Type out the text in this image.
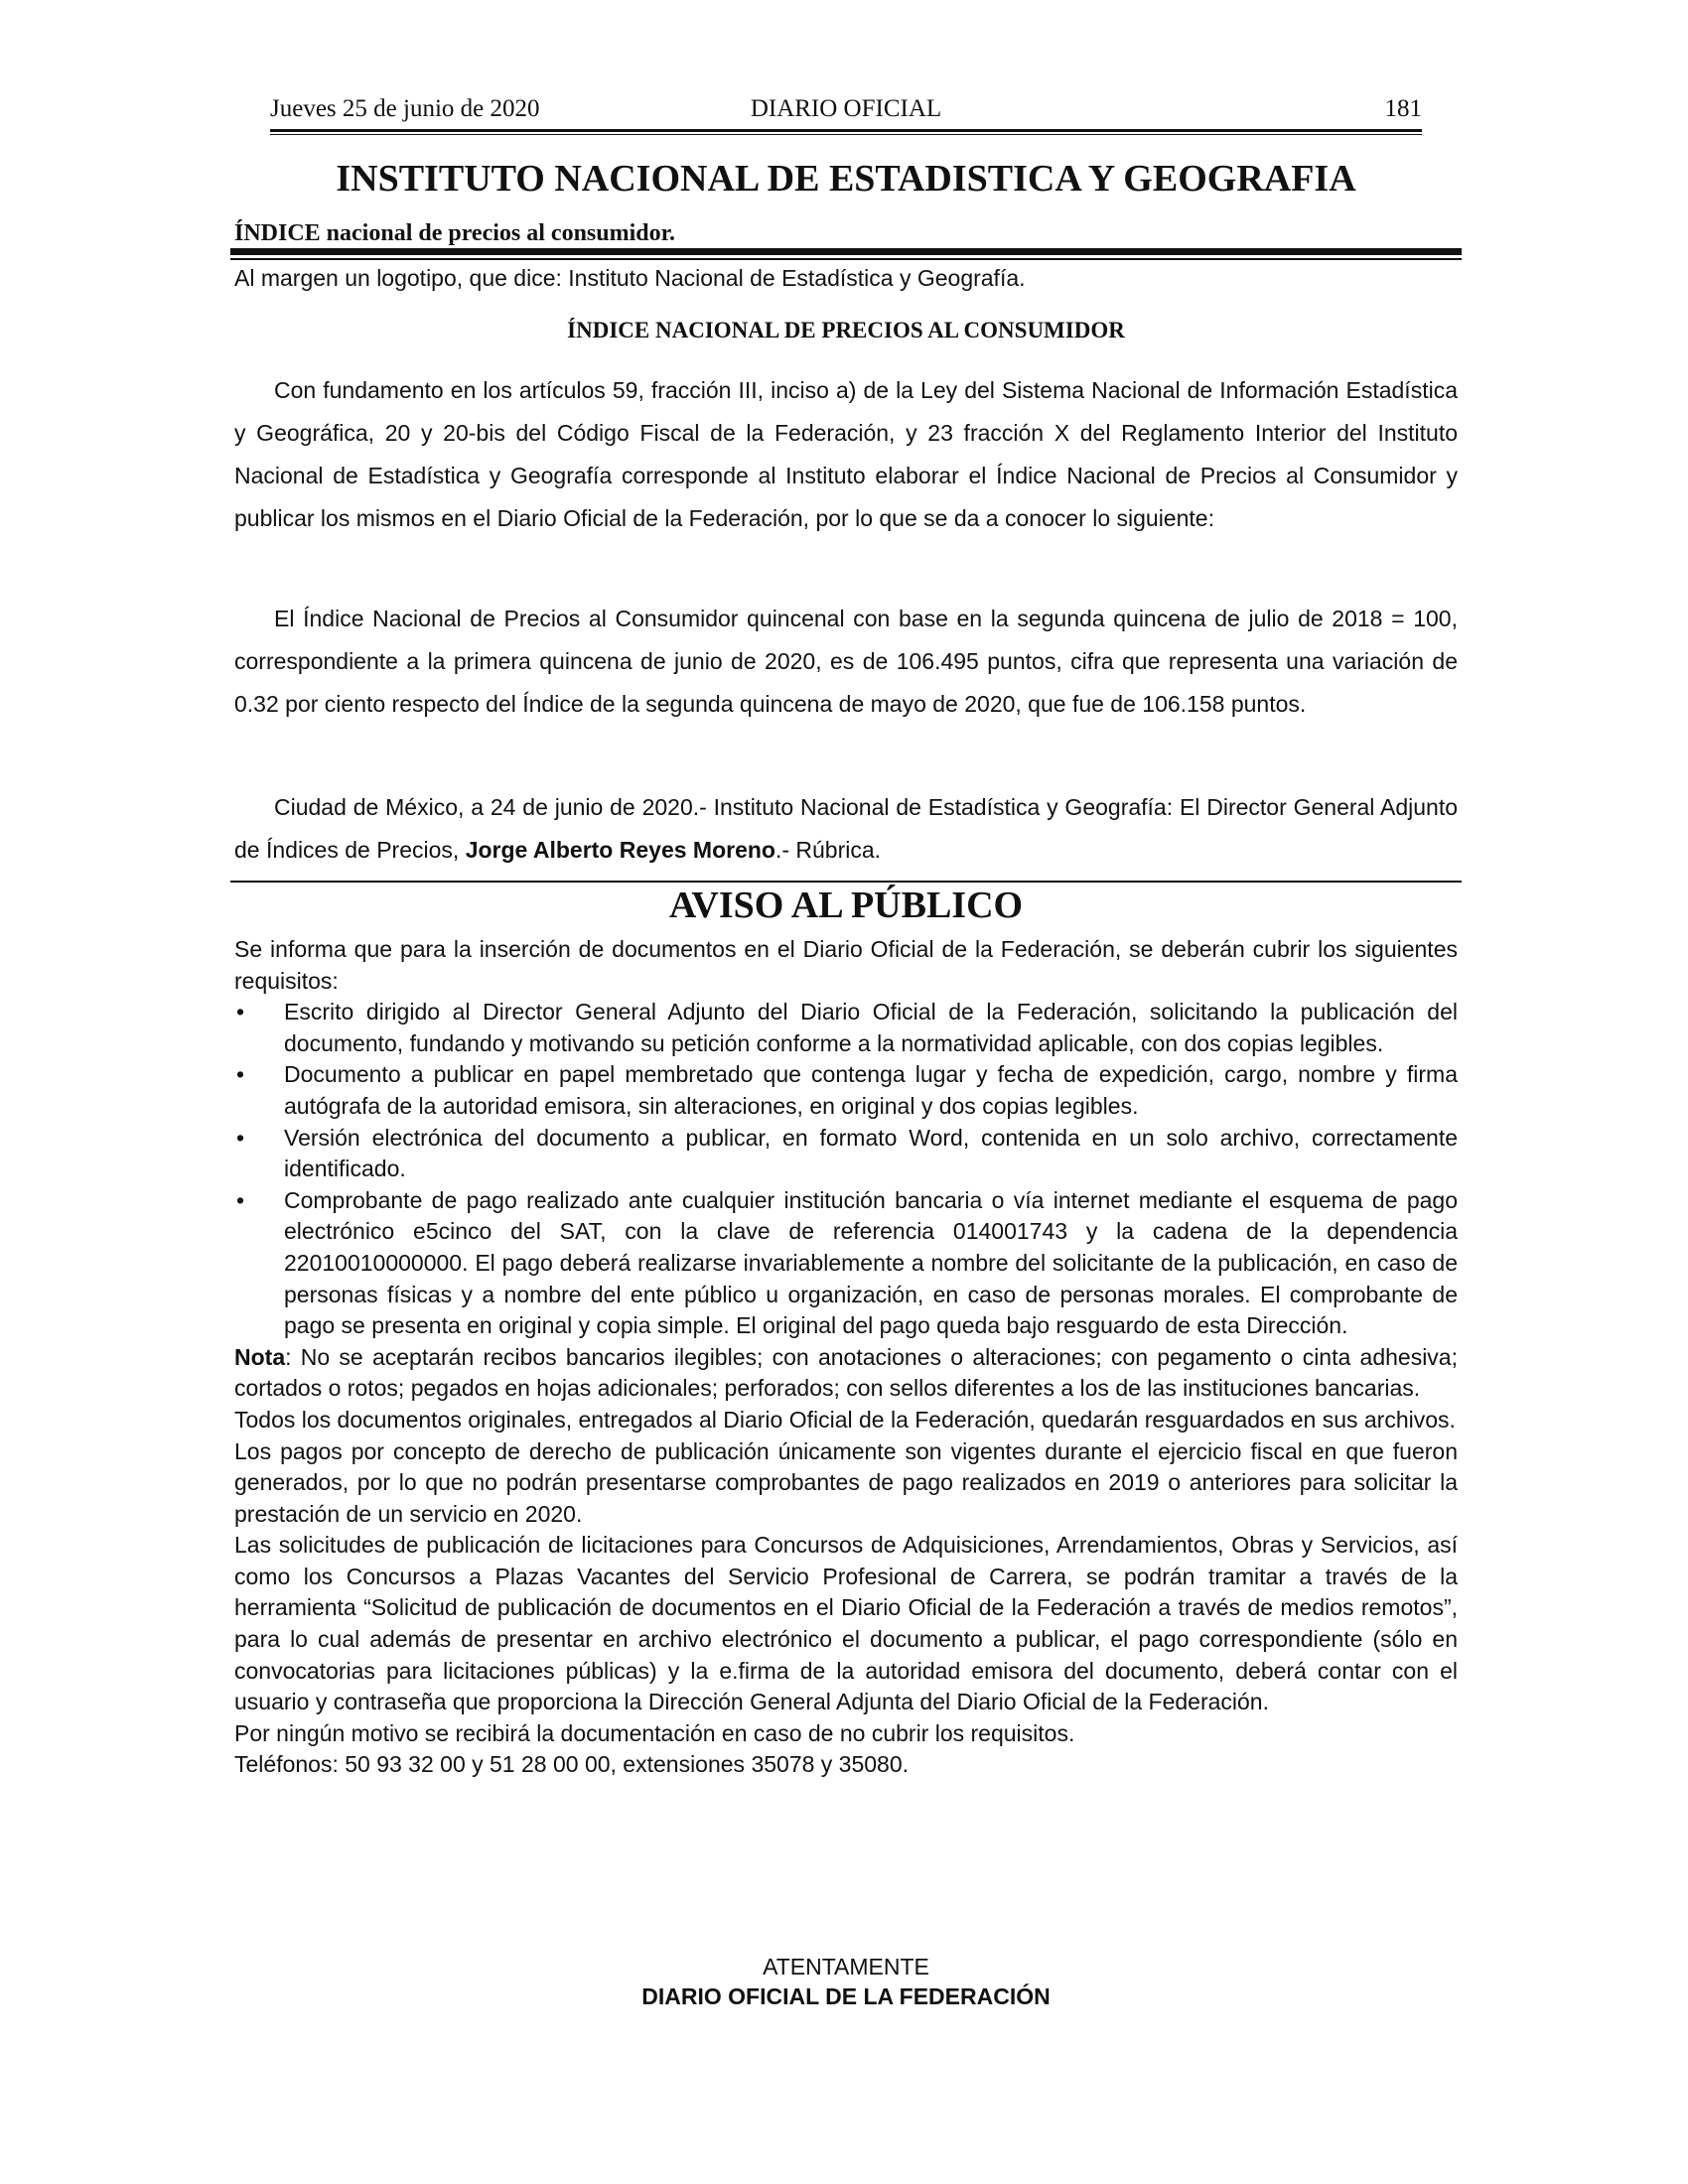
Jueves 25 de junio de 2020	DIARIO OFICIAL	181
INSTITUTO NACIONAL DE ESTADISTICA Y GEOGRAFIA
ÍNDICE nacional de precios al consumidor.
Al margen un logotipo, que dice: Instituto Nacional de Estadística y Geografía.
ÍNDICE NACIONAL DE PRECIOS AL CONSUMIDOR
Con fundamento en los artículos 59, fracción III, inciso a) de la Ley del Sistema Nacional de Información Estadística y Geográfica, 20 y 20-bis del Código Fiscal de la Federación, y 23 fracción X del Reglamento Interior del Instituto Nacional de Estadística y Geografía corresponde al Instituto elaborar el Índice Nacional de Precios al Consumidor y publicar los mismos en el Diario Oficial de la Federación, por lo que se da a conocer lo siguiente:
El Índice Nacional de Precios al Consumidor quincenal con base en la segunda quincena de julio de 2018 = 100, correspondiente a la primera quincena de junio de 2020, es de 106.495 puntos, cifra que representa una variación de 0.32 por ciento respecto del Índice de la segunda quincena de mayo de 2020, que fue de 106.158 puntos.
Ciudad de México, a 24 de junio de 2020.- Instituto Nacional de Estadística y Geografía: El Director General Adjunto de Índices de Precios, Jorge Alberto Reyes Moreno.- Rúbrica.
AVISO AL PÚBLICO

Se informa que para la inserción de documentos en el Diario Oficial de la Federación, se deberán cubrir los siguientes requisitos:

• Escrito dirigido al Director General Adjunto del Diario Oficial de la Federación, solicitando la publicación del documento, fundando y motivando su petición conforme a la normatividad aplicable, con dos copias legibles.
• Documento a publicar en papel membretado que contenga lugar y fecha de expedición, cargo, nombre y firma autógrafa de la autoridad emisora, sin alteraciones, en original y dos copias legibles.
• Versión electrónica del documento a publicar, en formato Word, contenida en un solo archivo, correctamente identificado.
• Comprobante de pago realizado ante cualquier institución bancaria o vía internet mediante el esquema de pago electrónico e5cinco del SAT, con la clave de referencia 014001743 y la cadena de la dependencia 22010010000000. El pago deberá realizarse invariablemente a nombre del solicitante de la publicación, en caso de personas físicas y a nombre del ente público u organización, en caso de personas morales. El comprobante de pago se presenta en original y copia simple. El original del pago queda bajo resguardo de esta Dirección.

Nota: No se aceptarán recibos bancarios ilegibles; con anotaciones o alteraciones; con pegamento o cinta adhesiva; cortados o rotos; pegados en hojas adicionales; perforados; con sellos diferentes a los de las instituciones bancarias.

Todos los documentos originales, entregados al Diario Oficial de la Federación, quedarán resguardados en sus archivos.

Los pagos por concepto de derecho de publicación únicamente son vigentes durante el ejercicio fiscal en que fueron generados, por lo que no podrán presentarse comprobantes de pago realizados en 2019 o anteriores para solicitar la prestación de un servicio en 2020.

Las solicitudes de publicación de licitaciones para Concursos de Adquisiciones, Arrendamientos, Obras y Servicios, así como los Concursos a Plazas Vacantes del Servicio Profesional de Carrera, se podrán tramitar a través de la herramienta “Solicitud de publicación de documentos en el Diario Oficial de la Federación a través de medios remotos”, para lo cual además de presentar en archivo electrónico el documento a publicar, el pago correspondiente (sólo en convocatorias para licitaciones públicas) y la e.firma de la autoridad emisora del documento, deberá contar con el usuario y contraseña que proporciona la Dirección General Adjunta del Diario Oficial de la Federación.

Por ningún motivo se recibirá la documentación en caso de no cubrir los requisitos.

Teléfonos: 50 93 32 00 y 51 28 00 00, extensiones 35078 y 35080.

ATENTAMENTE
DIARIO OFICIAL DE LA FEDERACIÓN
